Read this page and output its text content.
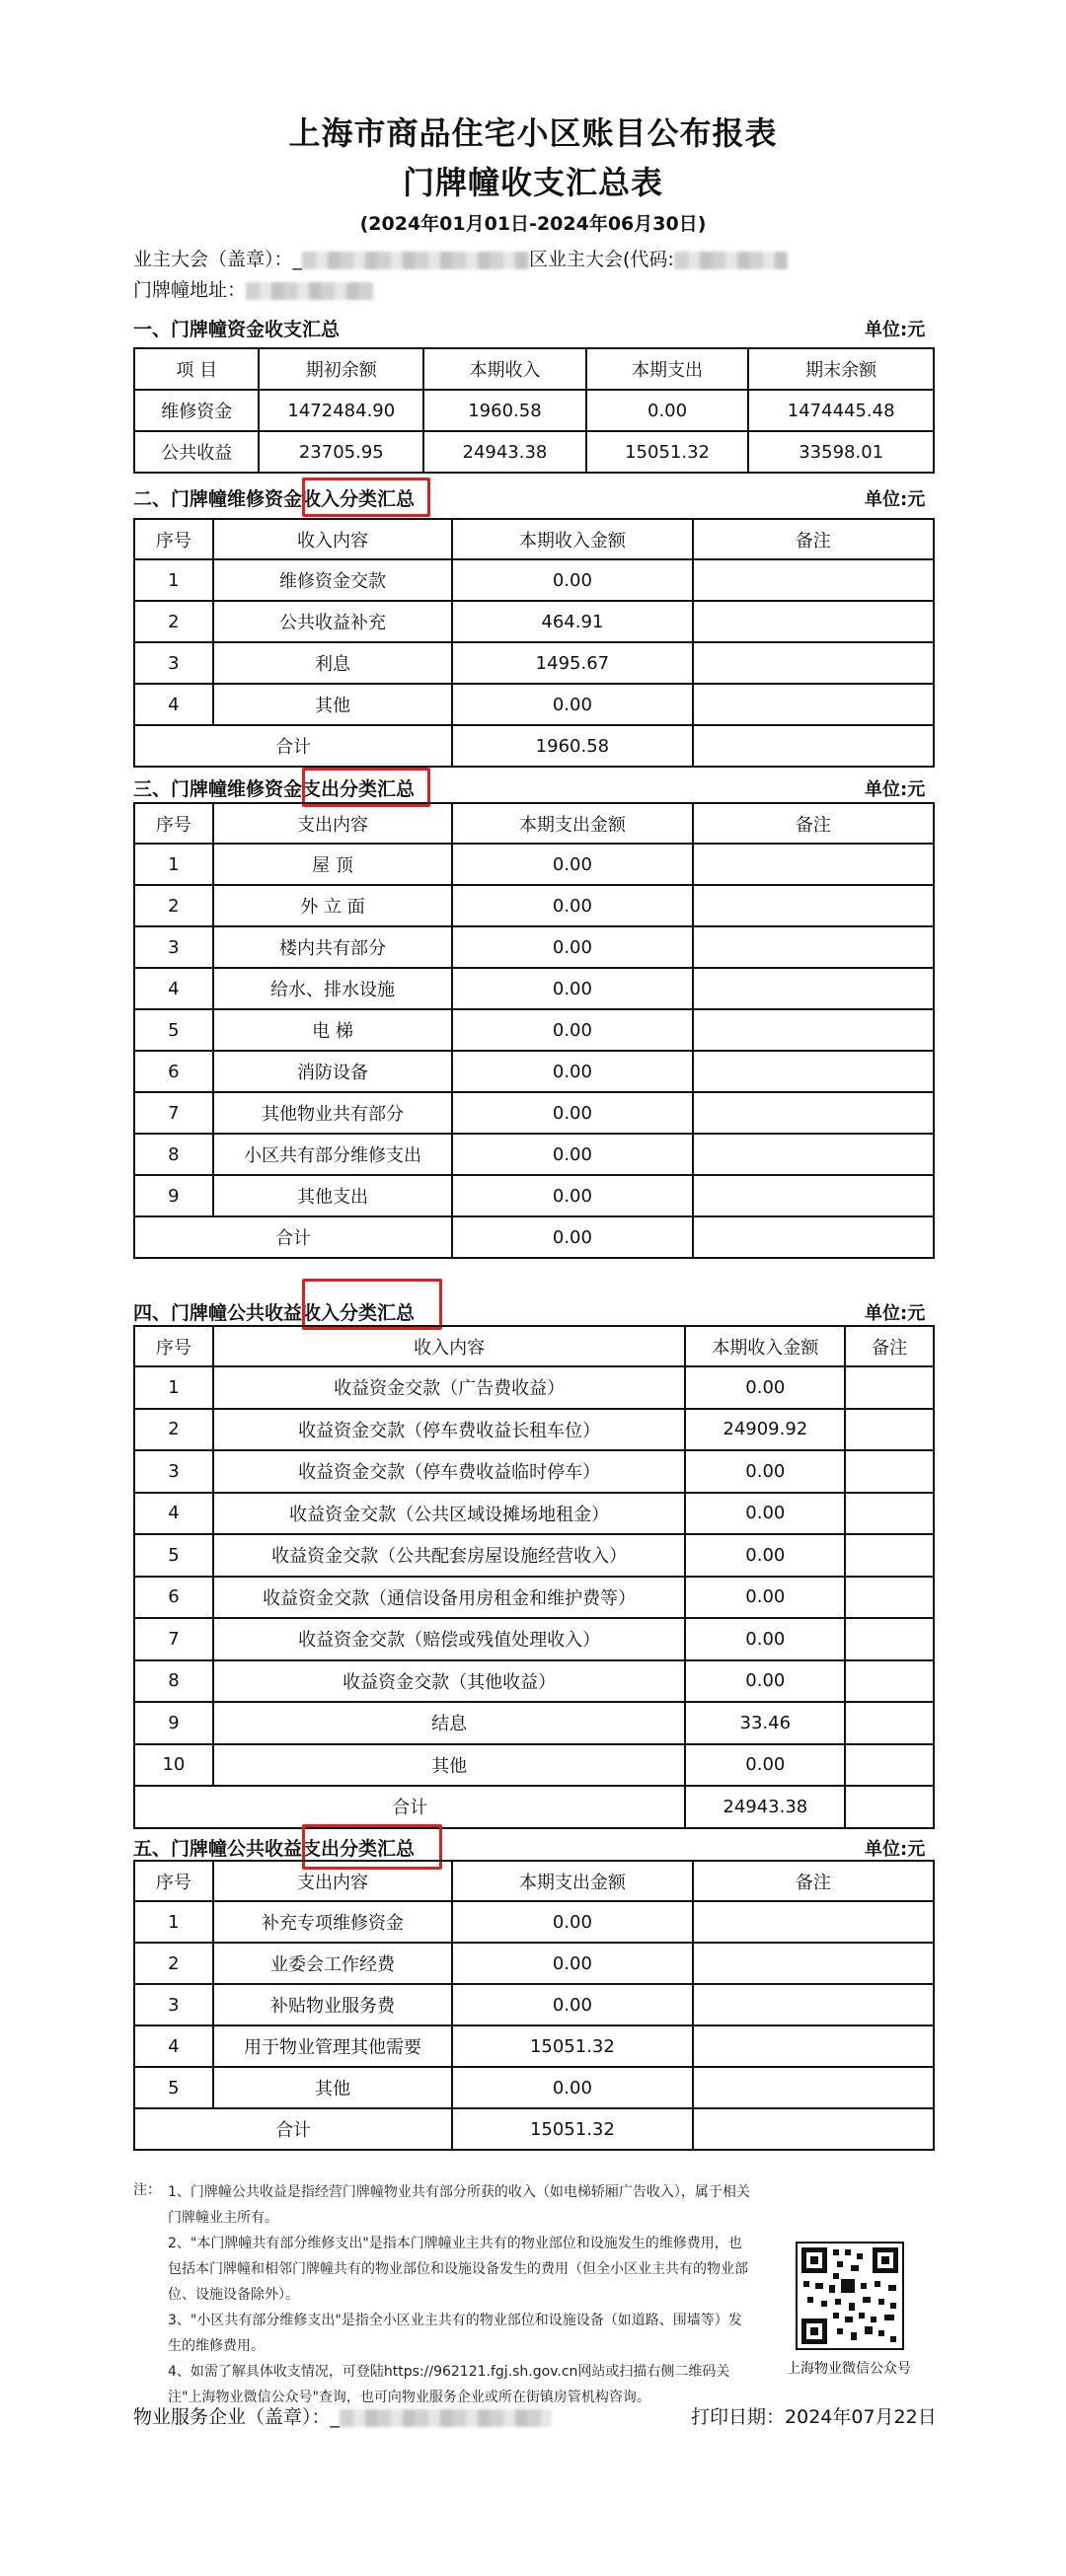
上海市商品住宅小区账目公布报表
门牌幢收支汇总表
(2024年01月01日-2024年06月30日)
业主大会（盖章）：_	区业主大会(代码:
门牌幢地址：
一、门牌幢资金收支汇总	单位:元
项 目	期初余额	本期收入	本期支出	期末余额
维修资金	1472484.90	1960.58	0.00	1474445.48
公共收益	23705.95	24943.38	15051.32	33598.01
二、门牌幢维修资金收入分类汇总	单位:元
序号	收入内容	本期收入金额	备注
1	维修资金交款	0.00	
2	公共收益补充	464.91	
3	利息	1495.67	
4	其他	0.00	
合计		1960.58	
三、门牌幢维修资金支出分类汇总	单位:元
序号	支出内容	本期支出金额	备注
1	屋 顶	0.00	
2	外 立 面	0.00	
3	楼内共有部分	0.00	
4	给水、排水设施	0.00	
5	电 梯	0.00	
6	消防设备	0.00	
7	其他物业共有部分	0.00	
8	小区共有部分维修支出	0.00	
9	其他支出	0.00	
合计		0.00	
四、门牌幢公共收益收入分类汇总	单位:元
序号	收入内容	本期收入金额	备注
1	收益资金交款（广告费收益）	0.00	
2	收益资金交款（停车费收益长租车位）	24909.92	
3	收益资金交款（停车费收益临时停车）	0.00	
4	收益资金交款（公共区域设摊场地租金）	0.00	
5	收益资金交款（公共配套房屋设施经营收入）	0.00	
6	收益资金交款（通信设备用房租金和维护费等）	0.00	
7	收益资金交款（赔偿或残值处理收入）	0.00	
8	收益资金交款（其他收益）	0.00	
9	结息	33.46	
10	其他	0.00	
合计		24943.38	
五、门牌幢公共收益支出分类汇总	单位:元
序号	支出内容	本期支出金额	备注
1	补充专项维修资金	0.00	
2	业委会工作经费	0.00	
3	补贴物业服务费	0.00	
4	用于物业管理其他需要	15051.32	
5	其他	0.00	
合计		15051.32	
注： 1、门牌幢公共收益是指经营门牌幢物业共有部分所获的收入（如电梯轿厢广告收入），属于相关门牌幢业主所有。
2、"本门牌幢共有部分维修支出"是指本门牌幢业主共有的物业部位和设施发生的维修费用，也包括本门牌幢和相邻门牌幢共有的物业部位和设施设备发生的费用（但全小区业主共有的物业部位、设施设备除外）。
3、"小区共有部分维修支出"是指全小区业主共有的物业部位和设施设备（如道路、围墙等）发生的维修费用。
4、如需了解具体收支情况，可登陆https://962121.fgj.sh.gov.cn网站或扫描右侧二维码关注"上海物业微信公众号"查询，也可向物业服务企业或所在街镇房管机构咨询。
上海物业微信公众号
物业服务企业（盖章）：_	打印日期：2024年07月22日
